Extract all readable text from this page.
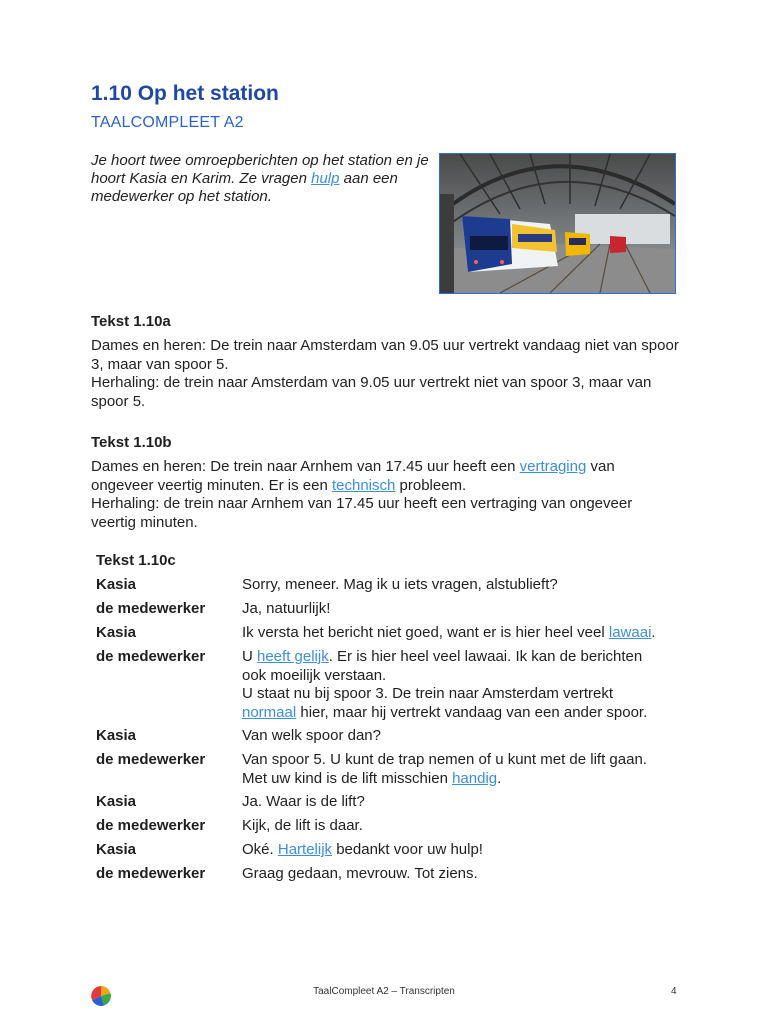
1.10 Op het station
TAALCOMPLEET A2
Je hoort twee omroepberichten op het station en je hoort Kasia en Karim. Ze vragen hulp aan een medewerker op het station.
Tekst 1.10a
Dames en heren: De trein naar Amsterdam van 9.05 uur vertrekt vandaag niet van spoor 3, maar van spoor 5.
Herhaling: de trein naar Amsterdam van 9.05 uur vertrekt niet van spoor 3, maar van spoor 5.
Tekst 1.10b
Dames en heren: De trein naar Arnhem van 17.45 uur heeft een vertraging van ongeveer veertig minuten. Er is een technisch probleem.
Herhaling: de trein naar Arnhem van 17.45 uur heeft een vertraging van ongeveer veertig minuten.
Tekst 1.10c
Kasia	Sorry, meneer. Mag ik u iets vragen, alstublieft?
de medewerker	Ja, natuurlijk!
Kasia	Ik versta het bericht niet goed, want er is hier heel veel lawaai.
de medewerker	U heeft gelijk. Er is hier heel veel lawaai. Ik kan de berichten ook moeilijk verstaan.
U staat nu bij spoor 3. De trein naar Amsterdam vertrekt normaal hier, maar hij vertrekt vandaag van een ander spoor.
Kasia	Van welk spoor dan?
de medewerker	Van spoor 5. U kunt de trap nemen of u kunt met de lift gaan. Met uw kind is de lift misschien handig.
Kasia	Ja. Waar is de lift?
de medewerker	Kijk, de lift is daar.
Kasia	Oké. Hartelijk bedankt voor uw hulp!
de medewerker	Graag gedaan, mevrouw. Tot ziens.
TaalCompleet A2 – Transcripten	4
